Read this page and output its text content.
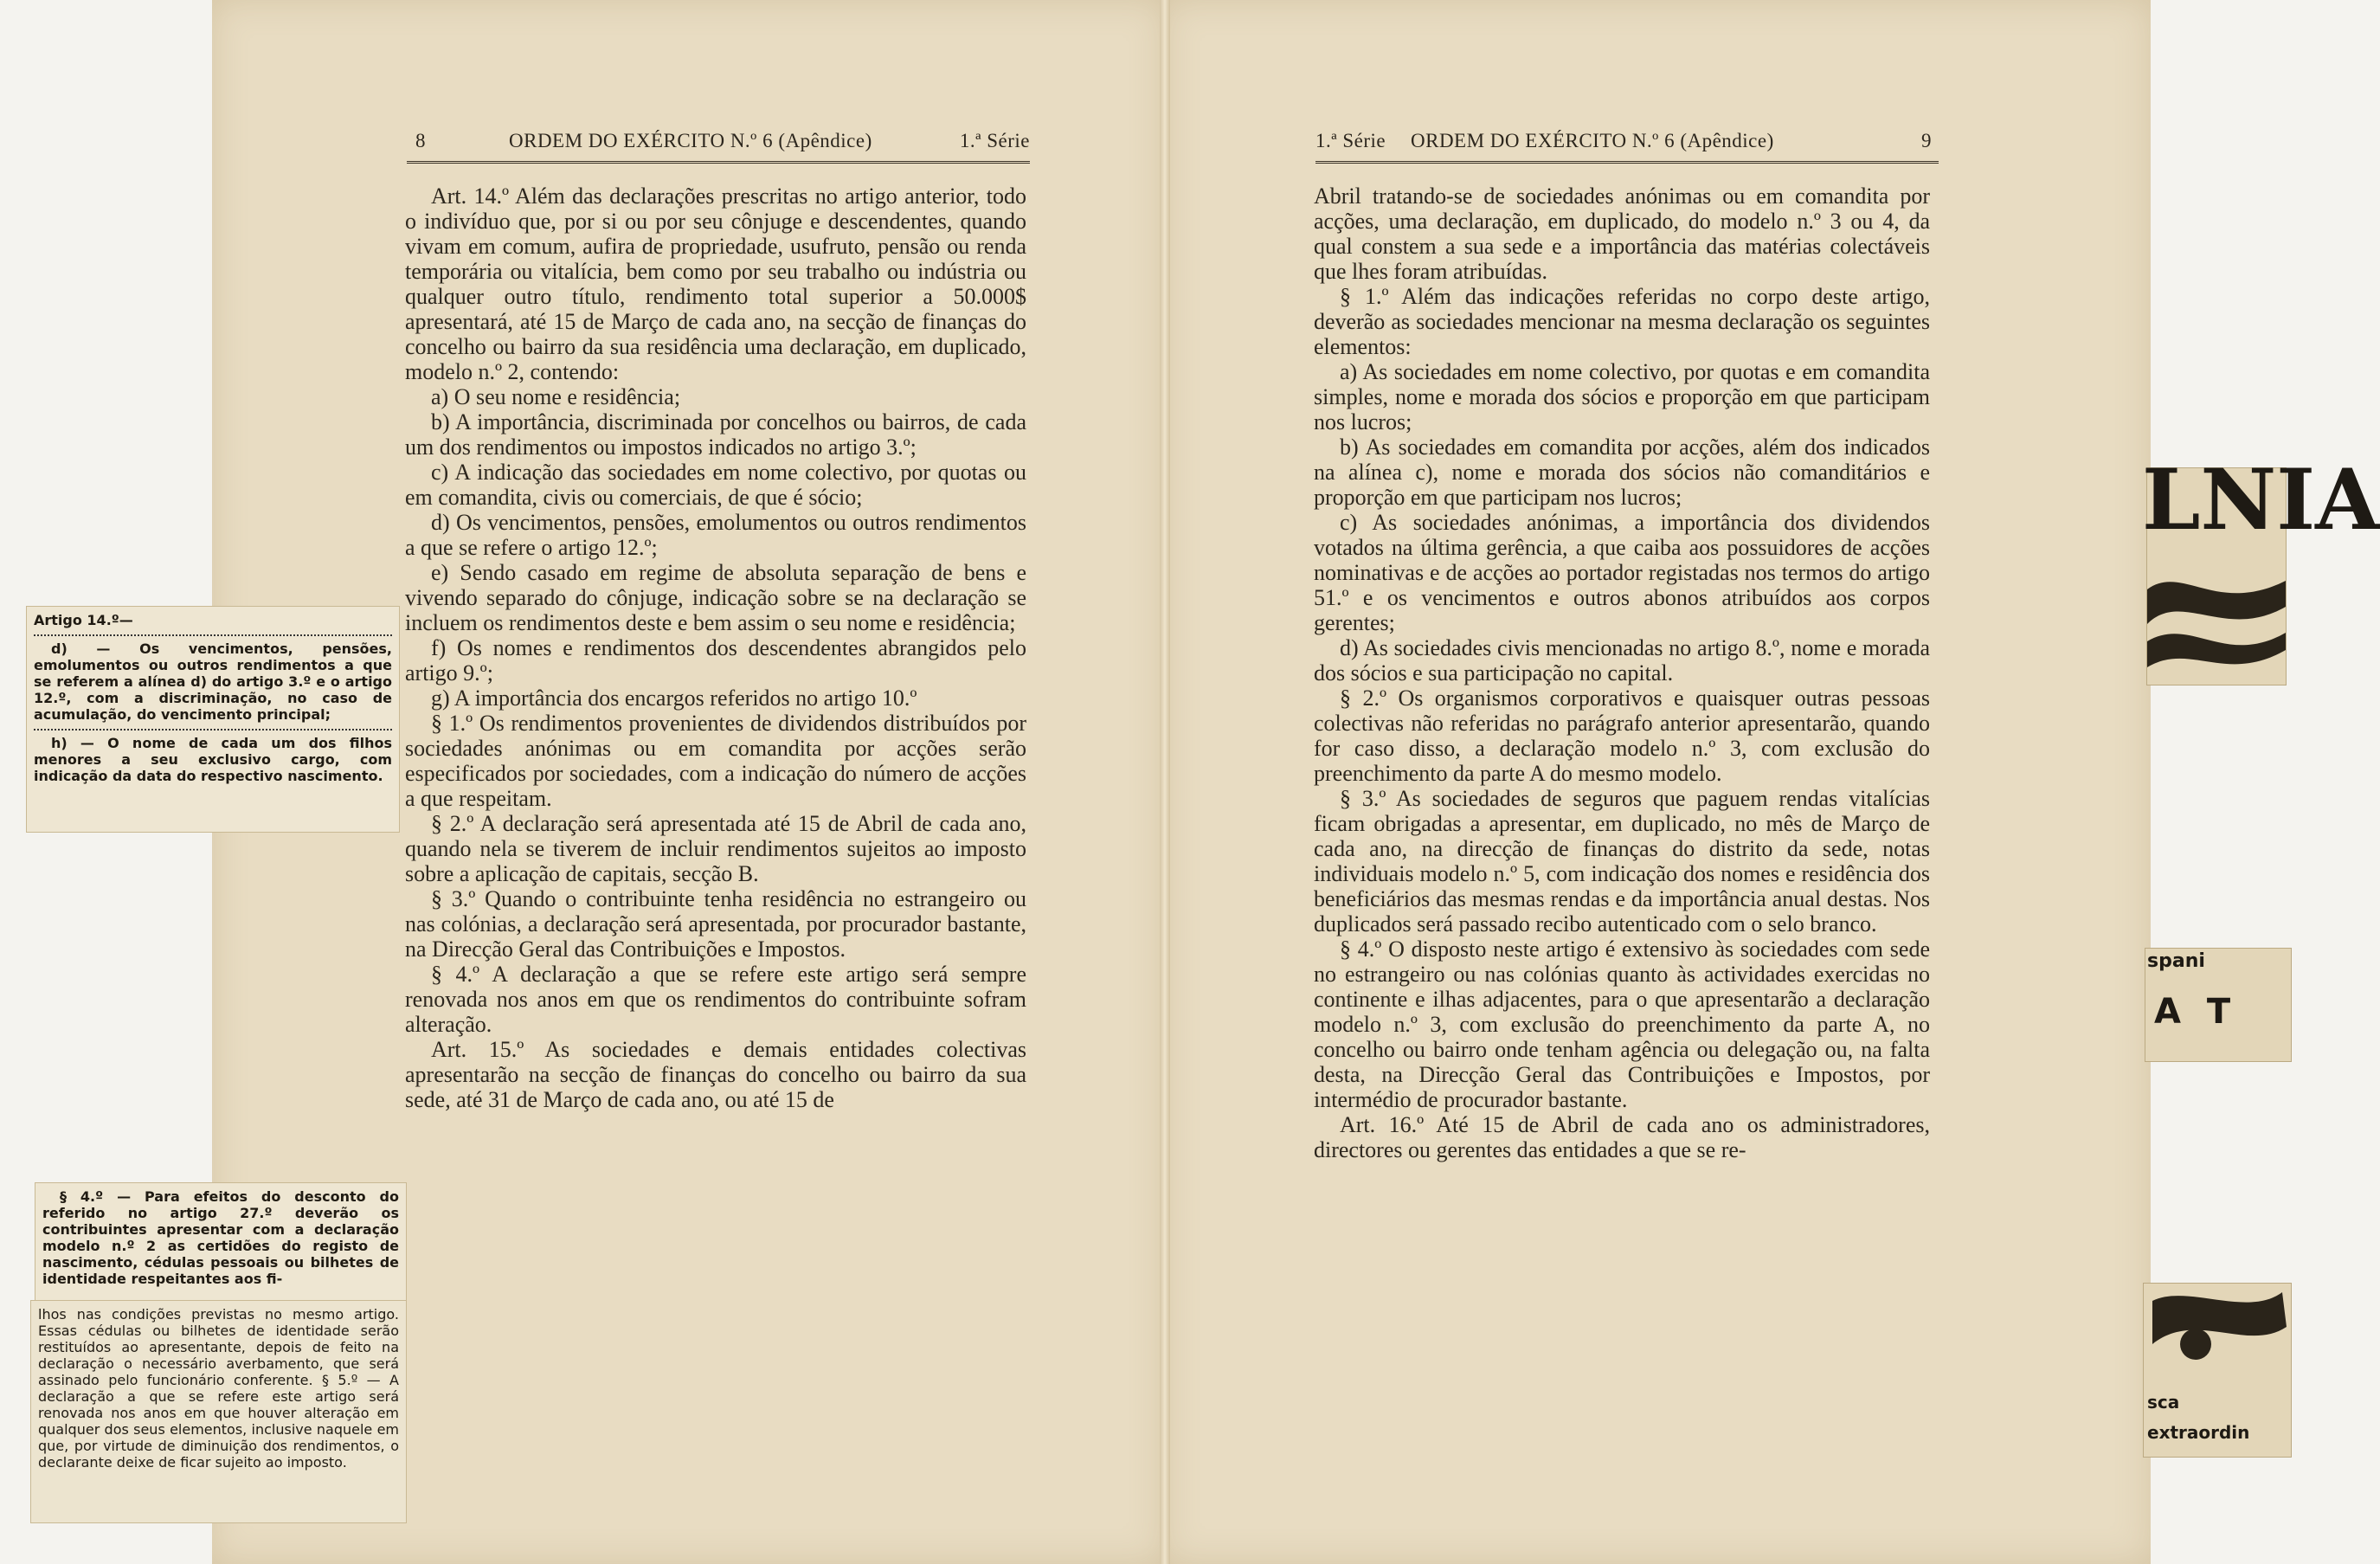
8	ORDEM DO EXÉRCITO N.º 6 (Apêndice)	1.ª Série	1.ª Série ORDEM DO EXÉRCITO N.º 6 (Apêndice)	9

Art. 14.º Além das declarações prescritas no artigo anterior, todo o indivíduo que, por si ou por seu cônjuge e descendentes, quando vivam em comum, aufira de propriedade, usufruto, pensão ou renda temporária ou vitalícia, bem como por seu trabalho ou indústria ou qualquer outro título, rendimento total superior a 50.000$ apresentará, até 15 de Março de cada ano, na secção de finanças do concelho ou bairro da sua residência uma declaração, em duplicado, modelo n.º 2, contendo:

a) O seu nome e residência;

b) A importância, discriminada por concelhos ou bairros, de cada um dos rendimentos ou impostos indicados no artigo 3.º;

c) A indicação das sociedades em nome colectivo, por quotas ou em comandita, civis ou comerciais, de que é sócio;

d) Os vencimentos, pensões, emolumentos ou outros rendimentos a que se refere o artigo 12.º;

e) Sendo casado em regime de absoluta separação de bens e vivendo separado do cônjuge, indicação sobre se na declaração se incluem os rendimentos deste e bem assim o seu nome e residência;

f) Os nomes e rendimentos dos descendentes abrangidos pelo artigo 9.º;

g) A importância dos encargos referidos no artigo 10.º

§ 1.º Os rendimentos provenientes de dividendos distribuídos por sociedades anónimas ou em comandita por acções serão especificados por sociedades, com a indicação do número de acções a que respeitam.

§ 2.º A declaração será apresentada até 15 de Abril de cada ano, quando nela se tiverem de incluir rendimentos sujeitos ao imposto sobre a aplicação de capitais, secção B.

§ 3.º Quando o contribuinte tenha residência no estrangeiro ou nas colónias, a declaração será apresentada, por procurador bastante, na Direcção Geral das Contribuições e Impostos.

§ 4.º A declaração a que se refere este artigo será sempre renovada nos anos em que os rendimentos do contribuinte sofram alteração.

Art. 15.º As sociedades e demais entidades colectivas apresentarão na secção de finanças do concelho ou bairro da sua sede, até 31 de Março de cada ano, ou até 15 de

Abril tratando-se de sociedades anónimas ou em comandita por acções, uma declaração, em duplicado, do modelo n.º 3 ou 4, da qual constem a sua sede e a importância das matérias colectáveis que lhes foram atribuídas.

§ 1.º Além das indicações referidas no corpo deste artigo, deverão as sociedades mencionar na mesma declaração os seguintes elementos:

a) As sociedades em nome colectivo, por quotas e em comandita simples, nome e morada dos sócios e proporção em que participam nos lucros;

b) As sociedades em comandita por acções, além dos indicados na alínea c), nome e morada dos sócios não comanditários e proporção em que participam nos lucros;

c) As sociedades anónimas, a importância dos dividendos votados na última gerência, a que caiba aos possuidores de acções nominativas e de acções ao portador registadas nos termos do artigo 51.º e os vencimentos e outros abonos atribuídos aos corpos gerentes;

d) As sociedades civis mencionadas no artigo 8.º, nome e morada dos sócios e sua participação no capital.

§ 2.º Os organismos corporativos e quaisquer outras pessoas colectivas não referidas no parágrafo anterior apresentarão, quando for caso disso, a declaração modelo n.º 3, com exclusão do preenchimento da parte A do mesmo modelo.

§ 3.º As sociedades de seguros que paguem rendas vitalícias ficam obrigadas a apresentar, em duplicado, no mês de Março de cada ano, na direcção de finanças do distrito da sede, notas individuais modelo n.º 5, com indicação dos nomes e residência dos beneficiários das mesmas rendas e da importância anual destas. Nos duplicados será passado recibo autenticado com o selo branco.

§ 4.º O disposto neste artigo é extensivo às sociedades com sede no estrangeiro ou nas colónias quanto às actividades exercidas no continente e ilhas adjacentes, para o que apresentarão a declaração modelo n.º 3, com exclusão do preenchimento da parte A, no concelho ou bairro onde tenham agência ou delegação ou, na falta desta, na Direcção Geral das Contribuições e Impostos, por intermédio de procurador bastante.

Art. 16.º Até 15 de Abril de cada ano os administradores, directores ou gerentes das entidades a que se re-

Artigo 14.º—

d) — Os vencimentos, pensões, emolumentos ou outros rendimentos a que se referem a alínea d) do artigo 3.º e o artigo 12.º, com a discriminação, no caso de acumulação, do vencimento principal;

h) — O nome de cada um dos filhos menores a seu exclusivo cargo, com indicação da data do respectivo nascimento.

§ 4.º — Para efeitos do desconto do referido no artigo 27.º deverão os contribuintes apresentar com a declaração modelo n.º 2 as certidões do registo de nascimento, cédulas pessoais ou bilhetes de identidade respeitantes aos fi-

lhos nas condições previstas no mesmo artigo. Essas cédulas ou bilhetes de identidade serão restituídos ao apresentante, depois de feito na declaração o necessário averbamento, que será assinado pelo funcionário conferente. § 5.º — A declaração a que se refere este artigo será renovada nos anos em que houver alteração em qualquer dos seus elementos, inclusive naquele em que, por virtude de diminuição dos rendimentos, o declarante deixe de ficar sujeito ao imposto.

LNIA
spani
A T
sca
extraordin
